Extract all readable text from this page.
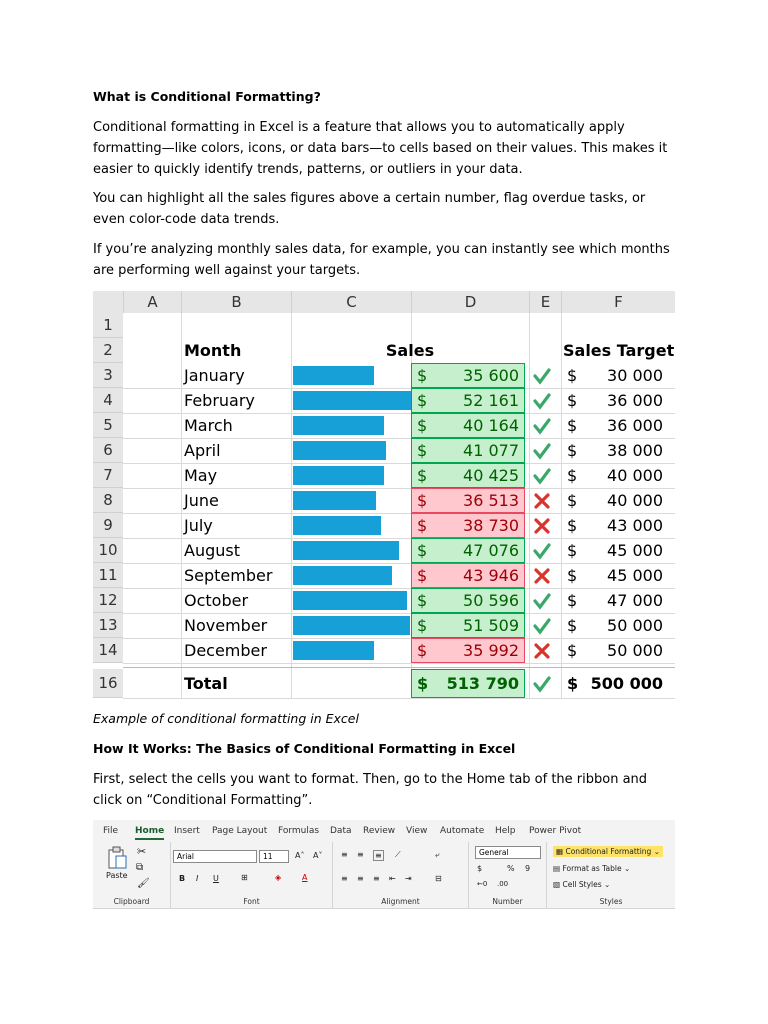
What is Conditional Formatting?
Conditional formatting in Excel is a feature that allows you to automatically apply formatting—like colors, icons, or data bars—to cells based on their values. This makes it easier to quickly identify trends, patterns, or outliers in your data.
You can highlight all the sales figures above a certain number, flag overdue tasks, or even color-code data trends.
If you’re analyzing monthly sales data, for example, you can instantly see which months are performing well against your targets.
A	B	C	D	E	F
1
2	Month	Sales	Sales Target
3	January	$ 35 600	$ 30 000
4	February	$ 52 161	$ 36 000
5	March	$ 40 164	$ 36 000
6	April	$ 41 077	$ 38 000
7	May	$ 40 425	$ 40 000
8	June	$ 36 513	$ 40 000
9	July	$ 38 730	$ 43 000
10	August	$ 47 076	$ 45 000
11	September	$ 43 946	$ 45 000
12	October	$ 50 596	$ 47 000
13	November	$ 51 509	$ 50 000
14	December	$ 35 992	$ 50 000
16	Total	$ 513 790	$ 500 000
Example of conditional formatting in Excel
How It Works: The Basics of Conditional Formatting in Excel
First, select the cells you want to format. Then, go to the Home tab of the ribbon and click on “Conditional Formatting”.
File Home Insert Page Layout Formulas Data Review View Automate Help Power Pivot
Paste
✂
⧉
🖌
Clipboard
Arial	11	A˄ A˅
B I U	⊞	◈	A
Font
≡ ≡ ≡ ⟋	⤶
≡ ≡ ≡ ⇤ ⇥	⊟
Alignment
General
$	% 9
←0 .00
Number
▦ Conditional Formatting ⌄
▤ Format as Table ⌄
▧ Cell Styles ⌄
Styles
